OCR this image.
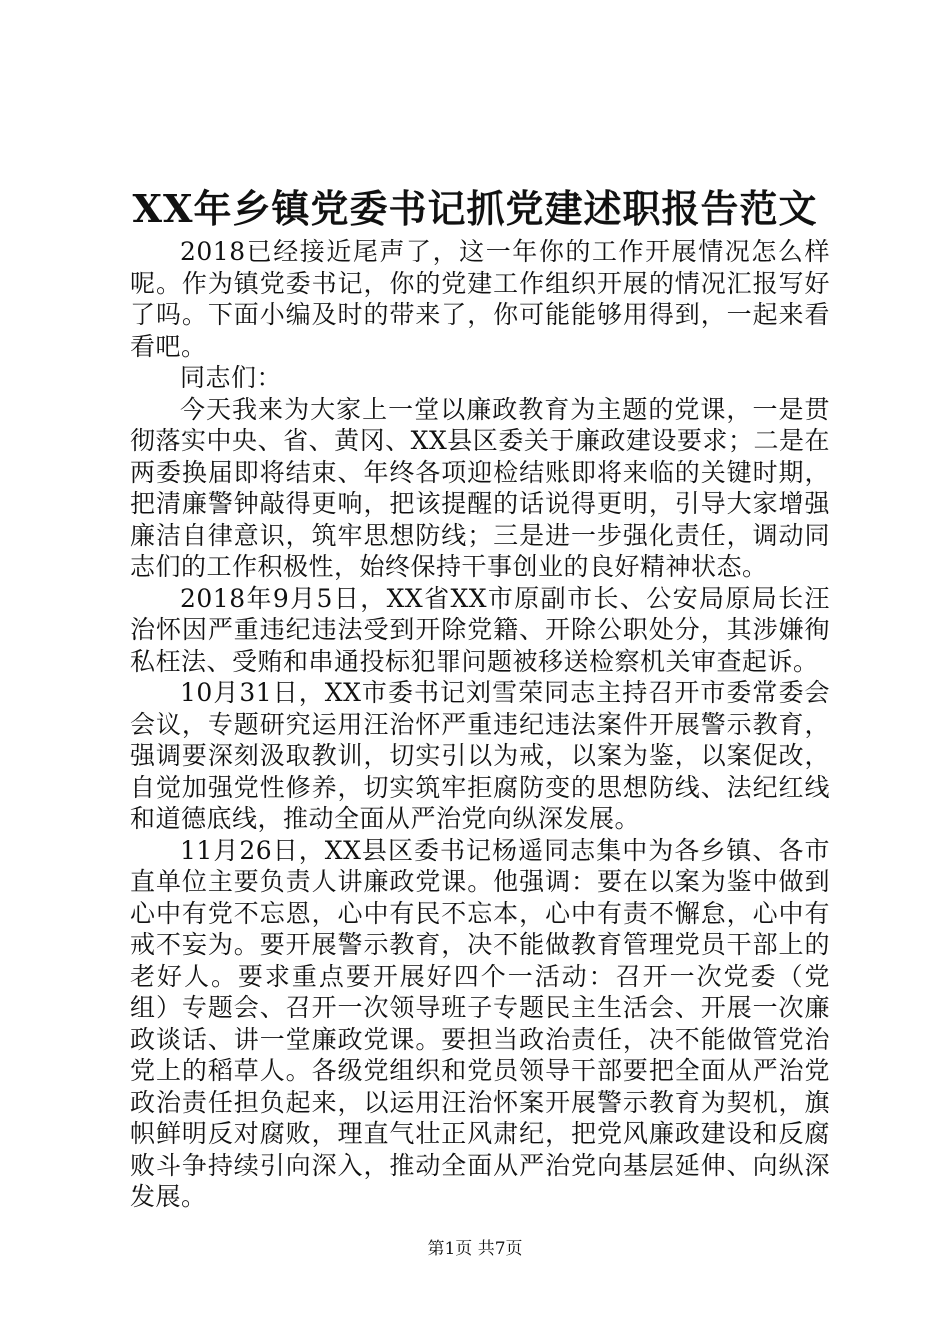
XX年乡镇党委书记抓党建述职报告范文

2018已经接近尾声了，这一年你的工作开展情况怎么样呢。作为镇党委书记，你的党建工作组织开展的情况汇报写好了吗。下面小编及时的带来了，你可能能够用得到，一起来看看吧。

同志们：

今天我来为大家上一堂以廉政教育为主题的党课，一是贯彻落实中央、省、黄冈、XX县区委关于廉政建设要求；二是在两委换届即将结束、年终各项迎检结账即将来临的关键时期，把清廉警钟敲得更响，把该提醒的话说得更明，引导大家增强廉洁自律意识，筑牢思想防线；三是进一步强化责任，调动同志们的工作积极性，始终保持干事创业的良好精神状态。

2018年9月5日，XX省XX市原副市长、公安局原局长汪治怀因严重违纪违法受到开除党籍、开除公职处分，其涉嫌徇私枉法、受贿和串通投标犯罪问题被移送检察机关审查起诉。

10月31日，XX市委书记刘雪荣同志主持召开市委常委会会议，专题研究运用汪治怀严重违纪违法案件开展警示教育，强调要深刻汲取教训，切实引以为戒，以案为鉴，以案促改，自觉加强党性修养，切实筑牢拒腐防变的思想防线、法纪红线和道德底线，推动全面从严治党向纵深发展。

11月26日，XX县区委书记杨遥同志集中为各乡镇、各市直单位主要负责人讲廉政党课。他强调：要在以案为鉴中做到心中有党不忘恩，心中有民不忘本，心中有责不懈怠，心中有戒不妄为。要开展警示教育，决不能做教育管理党员干部上的老好人。要求重点要开展好四个一活动：召开一次党委（党组）专题会、召开一次领导班子专题民主生活会、开展一次廉政谈话、讲一堂廉政党课。要担当政治责任，决不能做管党治党上的稻草人。各级党组织和党员领导干部要把全面从严治党政治责任担负起来，以运用汪治怀案开展警示教育为契机，旗帜鲜明反对腐败，理直气壮正风肃纪，把党风廉政建设和反腐败斗争持续引向深入，推动全面从严治党向基层延伸、向纵深发展。

第1页 共7页
